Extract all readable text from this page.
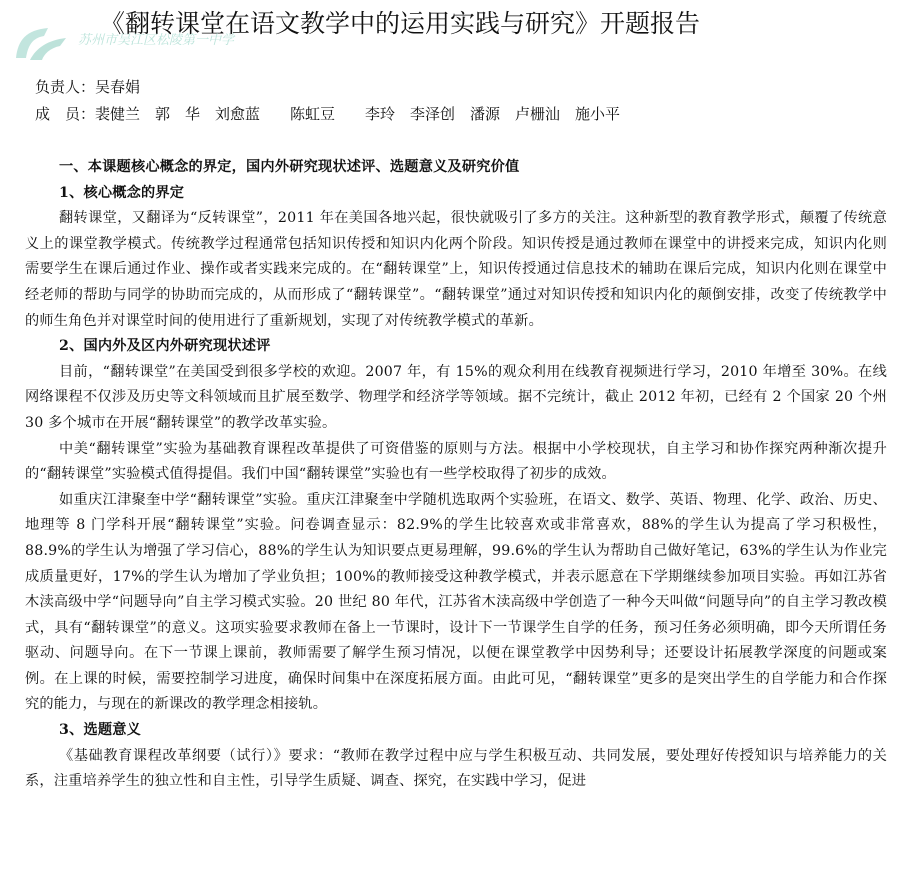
《翻转课堂在语文教学中的运用实践与研究》开题报告
苏州市吴江区松陵第一中学
负责人：吴春娟
成　员：裴健兰　郭　华　刘愈蓝　　陈虹豆　　李玲　李泽创　潘源　卢栅汕　施小平
一、本课题核心概念的界定，国内外研究现状述评、选题意义及研究价值
1、核心概念的界定

翻转课堂，又翻译为“反转课堂”，2011 年在美国各地兴起，很快就吸引了多方的关注。这种新型的教育教学形式，颠覆了传统意义上的课堂教学模式。传统教学过程通常包括知识传授和知识内化两个阶段。知识传授是通过教师在课堂中的讲授来完成，知识内化则需要学生在课后通过作业、操作或者实践来完成的。在“翻转课堂”上，知识传授通过信息技术的辅助在课后完成，知识内化则在课堂中经老师的帮助与同学的协助而完成的，从而形成了“翻转课堂”。“翻转课堂”通过对知识传授和知识内化的颠倒安排，改变了传统教学中的师生角色并对课堂时间的使用进行了重新规划，实现了对传统教学模式的革新。

2、国内外及区内外研究现状述评

目前，“翻转课堂”在美国受到很多学校的欢迎。2007 年，有 15%的观众利用在线教育视频进行学习，2010 年增至 30%。在线网络课程不仅涉及历史等文科领域而且扩展至数学、物理学和经济学等领域。据不完统计，截止 2012 年初，已经有 2 个国家 20 个州 30 多个城市在开展“翻转课堂”的教学改革实验。

中美“翻转课堂”实验为基础教育课程改革提供了可资借鉴的原则与方法。根据中小学校现状，自主学习和协作探究两种渐次提升的“翻转课堂”实验模式值得提倡。我们中国“翻转课堂”实验也有一些学校取得了初步的成效。

如重庆江津聚奎中学“翻转课堂”实验。重庆江津聚奎中学随机选取两个实验班，在语文、数学、英语、物理、化学、政治、历史、地理等 8 门学科开展“翻转课堂”实验。问卷调查显示：82.9%的学生比较喜欢或非常喜欢，88%的学生认为提高了学习积极性，88.9%的学生认为增强了学习信心，88%的学生认为知识要点更易理解，99.6%的学生认为帮助自己做好笔记，63%的学生认为作业完成质量更好，17%的学生认为增加了学业负担；100%的教师接受这种教学模式，并表示愿意在下学期继续参加项目实验。再如江苏省木渎高级中学“问题导向”自主学习模式实验。20 世纪 80 年代，江苏省木渎高级中学创造了一种今天叫做“问题导向”的自主学习教改模式，具有“翻转课堂”的意义。这项实验要求教师在备上一节课时，设计下一节课学生自学的任务，预习任务必须明确，即今天所谓任务驱动、问题导向。在下一节课上课前，教师需要了解学生预习情况，以便在课堂教学中因势利导；还要设计拓展教学深度的问题或案例。在上课的时候，需要控制学习进度，确保时间集中在深度拓展方面。由此可见，“翻转课堂”更多的是突出学生的自学能力和合作探究的能力，与现在的新课改的教学理念相接轨。

3、选题意义

《基础教育课程改革纲要（试行）》要求：“教师在教学过程中应与学生积极互动、共同发展，要处理好传授知识与培养能力的关系，注重培养学生的独立性和自主性，引导学生质疑、调查、探究，在实践中学习，促进
